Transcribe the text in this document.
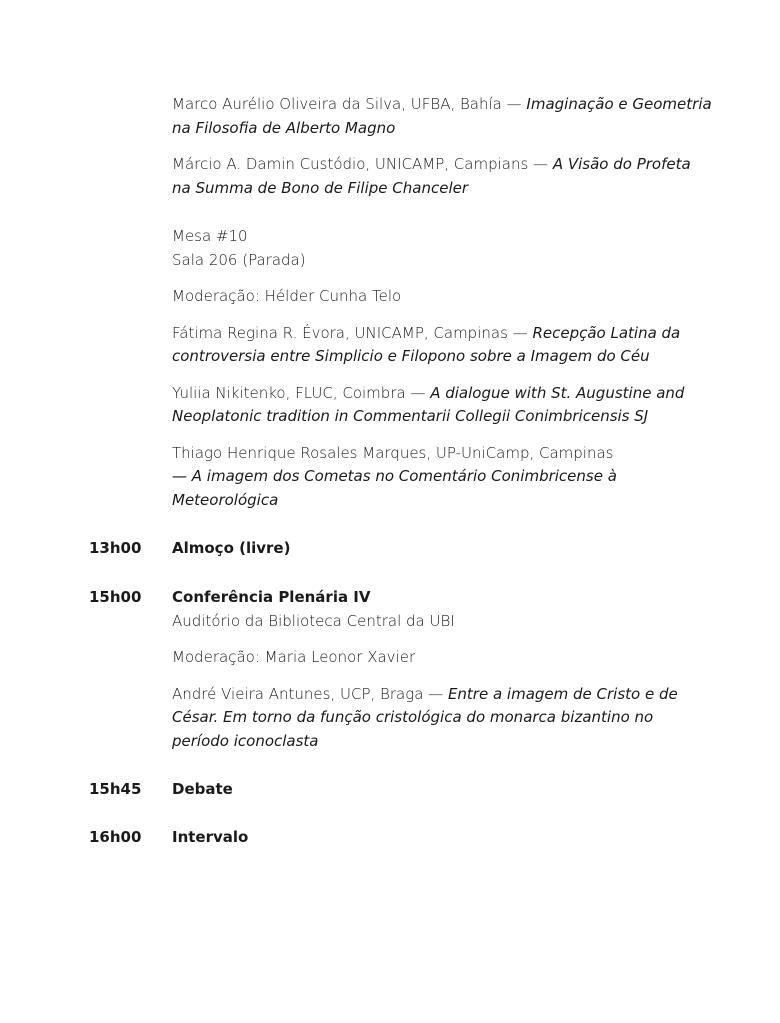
Marco Aurélio Oliveira da Silva, UFBA, Bahía — Imaginação e Geometria na Filosofia de Alberto Magno

Márcio A. Damin Custódio, UNICAMP, Campians — A Visão do Profeta na Summa de Bono de Filipe Chanceler

Mesa #10
Sala 206 (Parada)

Moderação: Hélder Cunha Telo

Fátima Regina R. Évora, UNICAMP, Campinas — Recepção Latina da controversia entre Simplicio e Filopono sobre a Imagem do Céu

Yuliia Nikitenko, FLUC, Coimbra — A dialogue with St. Augustine and Neoplatonic tradition in Commentarii Collegii Conimbricensis SJ

Thiago Henrique Rosales Marques, UP-UniCamp, Campinas
— A imagem dos Cometas no Comentário Conimbricense à Meteorológica

13h00 Almoço (livre)
15h00 Conferência Plenária IV
Auditório da Biblioteca Central da UBI
Moderação: Maria Leonor Xavier
André Vieira Antunes, UCP, Braga — Entre a imagem de Cristo e de César. Em torno da função cristológica do monarca bizantino no período iconoclasta
15h45 Debate
16h00 Intervalo
